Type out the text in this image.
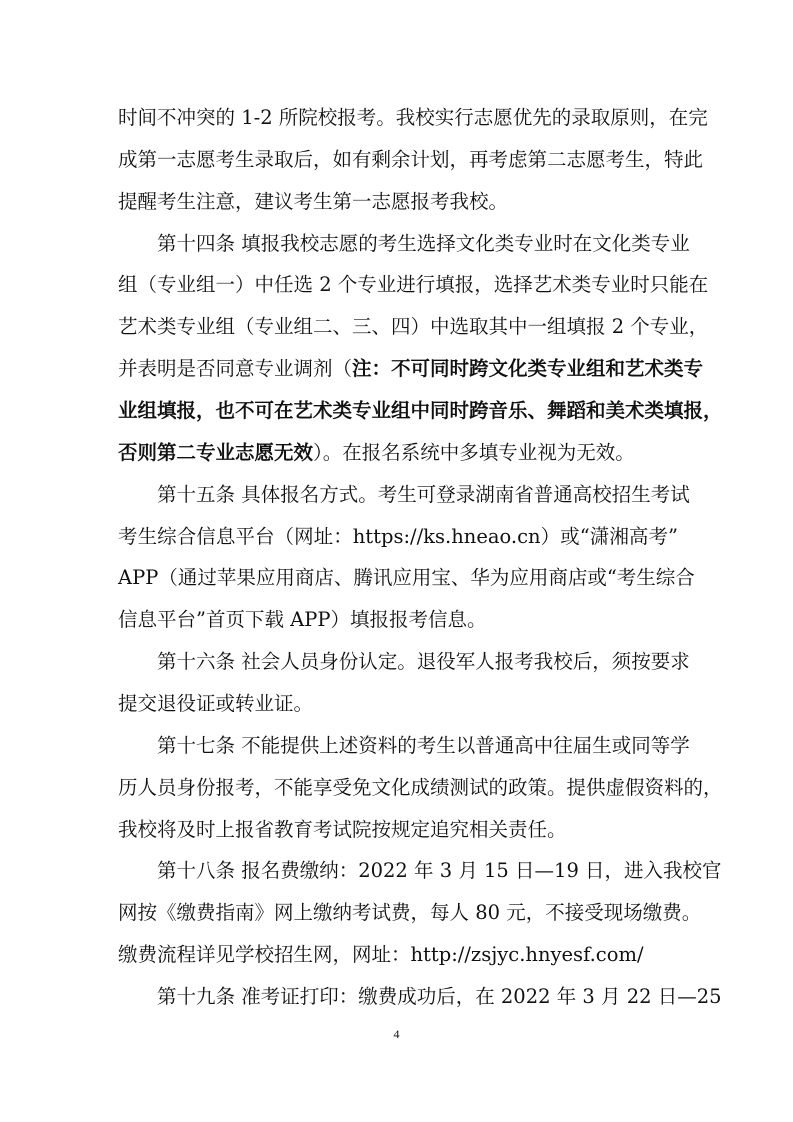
时间不冲突的 1-2 所院校报考。我校实行志愿优先的录取原则，在完
成第一志愿考生录取后，如有剩余计划，再考虑第二志愿考生，特此
提醒考生注意，建议考生第一志愿报考我校。
第十四条 填报我校志愿的考生选择文化类专业时在文化类专业
组（专业组一）中任选 2 个专业进行填报，选择艺术类专业时只能在
艺术类专业组（专业组二、三、四）中选取其中一组填报 2 个专业，
并表明是否同意专业调剂（注：不可同时跨文化类专业组和艺术类专
业组填报，也不可在艺术类专业组中同时跨音乐、舞蹈和美术类填报，
否则第二专业志愿无效）。在报名系统中多填专业视为无效。
第十五条 具体报名方式。考生可登录湖南省普通高校招生考试
考生综合信息平台（网址：https://ks.hneao.cn）或“潇湘高考”
APP（通过苹果应用商店、腾讯应用宝、华为应用商店或“考生综合
信息平台”首页下载 APP）填报报考信息。
第十六条 社会人员身份认定。退役军人报考我校后，须按要求
提交退役证或转业证。
第十七条 不能提供上述资料的考生以普通高中往届生或同等学
历人员身份报考，不能享受免文化成绩测试的政策。提供虚假资料的，
我校将及时上报省教育考试院按规定追究相关责任。
第十八条 报名费缴纳：2022 年 3 月 15 日—19 日，进入我校官
网按《缴费指南》网上缴纳考试费，每人 80 元，不接受现场缴费。
缴费流程详见学校招生网，网址：http://zsjyc.hnyesf.com/
第十九条 准考证打印：缴费成功后，在 2022 年 3 月 22 日—25
4
